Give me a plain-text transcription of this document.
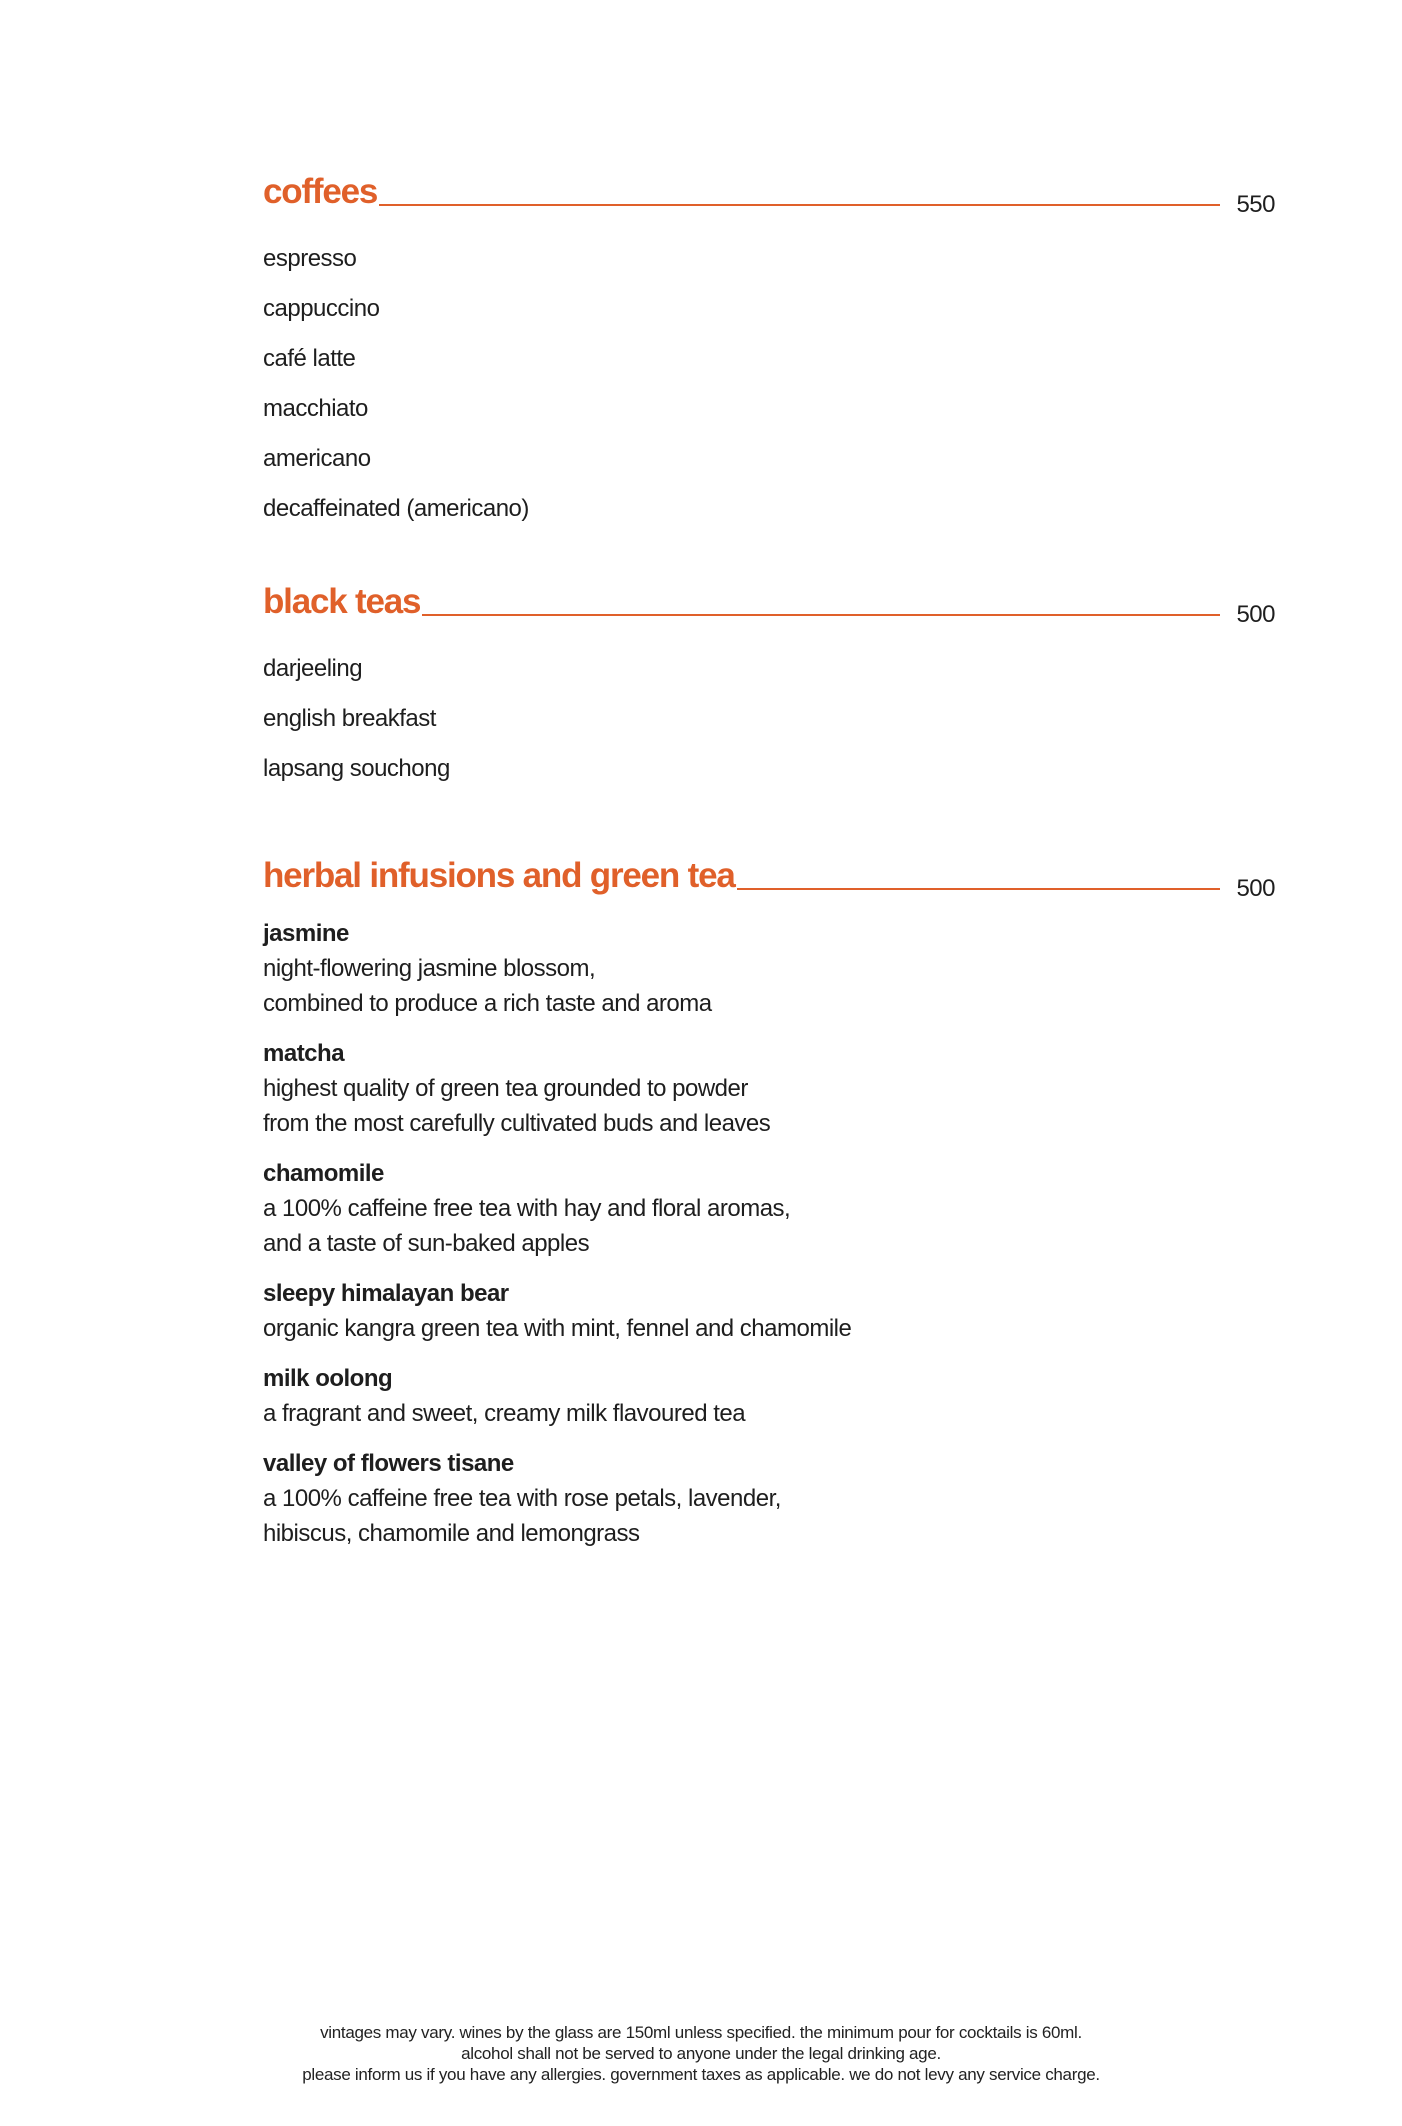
coffees	550
espresso
cappuccino
café latte
macchiato
americano
decaffeinated (americano)
black teas	500
darjeeling
english breakfast
lapsang souchong
herbal infusions and green tea	500
jasmine
night-flowering jasmine blossom,
combined to produce a rich taste and aroma
matcha
highest quality of green tea grounded to powder
from the most carefully cultivated buds and leaves
chamomile
a 100% caffeine free tea with hay and floral aromas,
and a taste of sun-baked apples
sleepy himalayan bear
organic kangra green tea with mint, fennel and chamomile
milk oolong
a fragrant and sweet, creamy milk flavoured tea
valley of flowers tisane
a 100% caffeine free tea with rose petals, lavender,
hibiscus, chamomile and lemongrass
vintages may vary. wines by the glass are 150ml unless specified. the minimum pour for cocktails is 60ml.
alcohol shall not be served to anyone under the legal drinking age.
please inform us if you have any allergies. government taxes as applicable. we do not levy any service charge.
